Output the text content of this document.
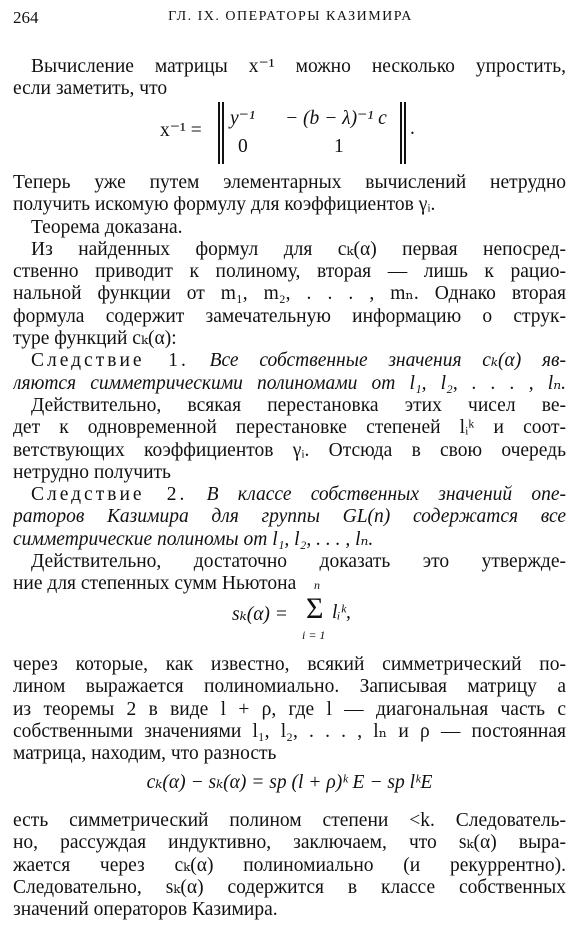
264	ГЛ. IX. ОПЕРАТОРЫ КАЗИМИРА
Вычисление матрицы x⁻¹ можно несколько упростить,
если заметить, что
x⁻¹ =
y⁻¹ − (b − λ)⁻¹ c
0	1
.
Теперь уже путем элементарных вычислений нетрудно
получить искомую формулу для коэффициентов γᵢ.
Теорема доказана.
Из найденных формул для cₖ(α) первая непосред-
ственно приводит к полиному, вторая — лишь к рацио-
нальной функции от m₁, m₂, . . . , mₙ. Однако вторая
формула содержит замечательную информацию о струк-
туре функций cₖ(α):
Следствие 1. Все собственные значения cₖ(α) яв-
ляются симметрическими полиномами от l₁, l₂, . . . , lₙ.
Действительно, всякая перестановка этих чисел ве-
дет к одновременной перестановке степеней lᵢᵏ и соот-
ветствующих коэффициентов γᵢ. Отсюда в свою очередь
нетрудно получить
Следствие 2. В классе собственных значений опе-
раторов Казимира для группы GL(n) содержатся все
симметрические полиномы от l₁, l₂, . . . , lₙ.
Действительно, достаточно доказать это утвержде-
ние для степенных сумм Ньютона
sₖ(α) =
n
Σ
i = 1
lᵢᵏ,
через которые, как известно, всякий симметрический по-
лином выражается полиномиально. Записывая матрицу a
из теоремы 2 в виде l + ρ, где l — диагональная часть с
собственными значениями l₁, l₂, . . . , lₙ и ρ — постоянная
матрица, находим, что разность
cₖ(α) − sₖ(α) = sp (l + ρ)ᵏ E − sp lᵏE
есть симметрический полином степени <k. Следователь-
но, рассуждая индуктивно, заключаем, что sₖ(α) выра-
жается через cₖ(α) полиномиально (и рекуррентно).
Следовательно, sₖ(α) содержится в классе собственных
значений операторов Казимира.
